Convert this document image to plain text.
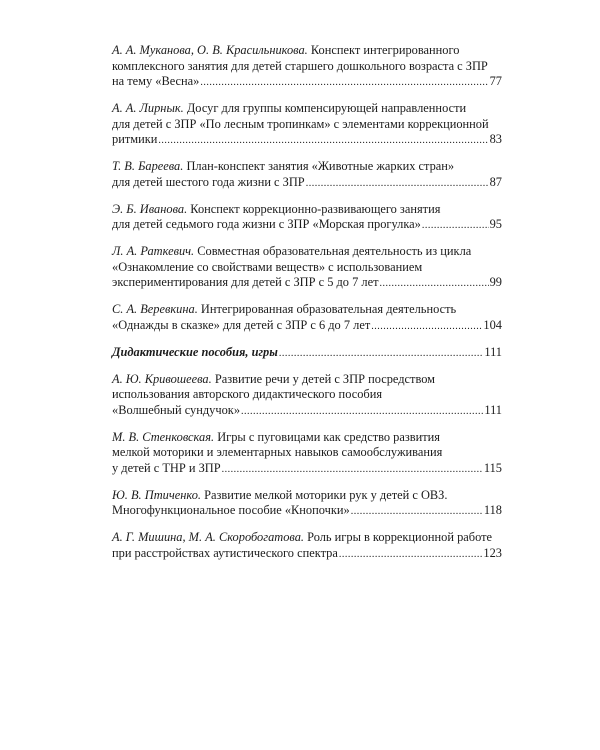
А. А. Муканова, О. В. Красильникова. Конспект интегрированного
комплексного занятия для детей старшего дошкольного возраста с ЗПР
на тему «Весна» .....	77
А. А. Лирнык. Досуг для группы компенсирующей направленности
для детей с ЗПР «По лесным тропинкам» с элементами коррекционной
ритмики .....	83
Т. В. Бареева. План-конспект занятия «Животные жарких стран»
для детей шестого года жизни с ЗПР .....	87
Э. Б. Иванова. Конспект коррекционно-развивающего занятия
для детей седьмого года жизни с ЗПР «Морская прогулка» .....	95
Л. А. Раткевич. Совместная образовательная деятельность из цикла
«Ознакомление со свойствами веществ» с использованием
экспериментирования для детей с ЗПР с 5 до 7 лет .....	99
С. А. Веревкина. Интегрированная образовательная деятельность
«Однажды в сказке» для детей с ЗПР с 6 до 7 лет .....	104
Дидактические пособия, игры .....	111
А. Ю. Кривошеева. Развитие речи у детей с ЗПР посредством
использования авторского дидактического пособия
«Волшебный сундучок» .....	111
М. В. Стенковская. Игры с пуговицами как средство развития
мелкой моторики и элементарных навыков самообслуживания
у детей с ТНР и ЗПР .....	115
Ю. В. Птиченко. Развитие мелкой моторики рук у детей с ОВЗ.
Многофункциональное пособие «Кнопочки» .....	118
А. Г. Мишина, М. А. Скоробогатова. Роль игры в коррекционной работе
при расстройствах аутистического спектра .....	123
